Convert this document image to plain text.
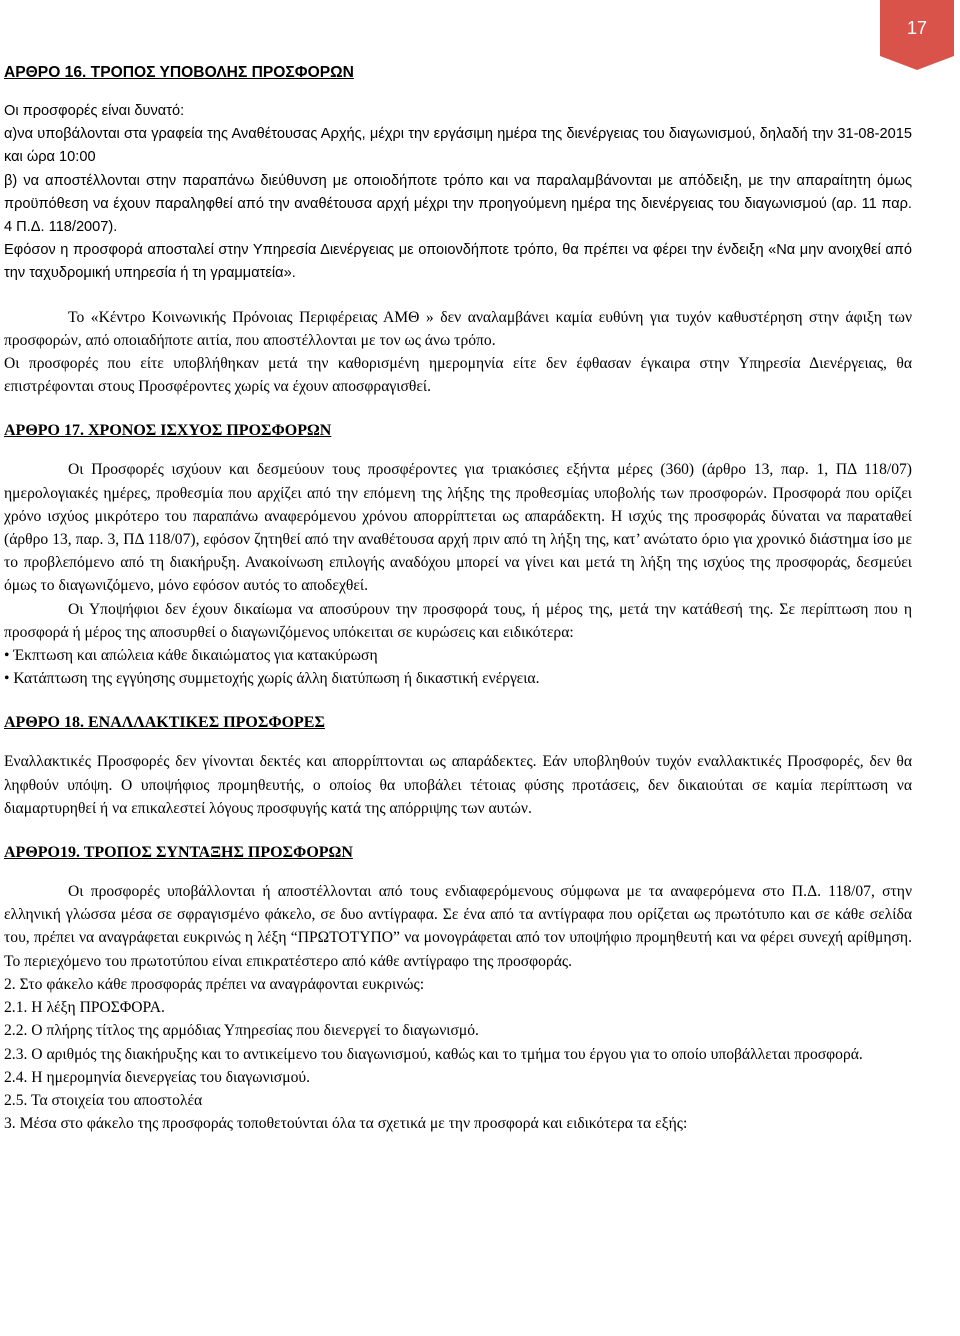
17
ΑΡΘΡΟ 16. ΤΡΟΠΟΣ ΥΠΟΒΟΛΗΣ ΠΡΟΣΦΟΡΩΝ

Οι προσφορές είναι δυνατό:

α)να υποβάλονται στα γραφεία της Αναθέτουσας Αρχής, μέχρι την εργάσιμη ημέρα της διενέργειας του διαγωνισμού, δηλαδή την 31-08-2015 και ώρα 10:00

β) να αποστέλλονται στην παραπάνω διεύθυνση με οποιοδήποτε τρόπο και να παραλαμβάνονται με απόδειξη, με την απαραίτητη όμως προϋπόθεση να έχουν παραληφθεί από την αναθέτουσα αρχή μέχρι την προηγούμενη ημέρα της διενέργειας του διαγωνισμού (αρ. 11 παρ. 4 Π.Δ. 118/2007).

Εφόσον η προσφορά αποσταλεί στην Υπηρεσία Διενέργειας με οποιονδήποτε τρόπο, θα πρέπει να φέρει την ένδειξη «Να μην ανοιχθεί από την ταχυδρομική υπηρεσία ή τη γραμματεία».

Το «Κέντρο Κοινωνικής Πρόνοιας Περιφέρειας ΑΜΘ » δεν αναλαμβάνει καμία ευθύνη για τυχόν καθυστέρηση στην άφιξη των προσφορών, από οποιαδήποτε αιτία, που αποστέλλονται με τον ως άνω τρόπο.

Οι προσφορές που είτε υποβλήθηκαν μετά την καθορισμένη ημερομηνία είτε δεν έφθασαν έγκαιρα στην Υπηρεσία Διενέργειας, θα επιστρέφονται στους Προσφέροντες χωρίς να έχουν αποσφραγισθεί.

ΑΡΘΡΟ 17. ΧΡΟΝΟΣ ΙΣΧΥΟΣ ΠΡΟΣΦΟΡΩΝ

Οι Προσφορές ισχύουν και δεσμεύουν τους προσφέροντες για τριακόσιες εξήντα μέρες (360) (άρθρο 13, παρ. 1, ΠΔ 118/07) ημερολογιακές ημέρες, προθεσμία που αρχίζει από την επόμενη της λήξης της προθεσμίας υποβολής των προσφορών. Προσφορά που ορίζει χρόνο ισχύος μικρότερο του παραπάνω αναφερόμενου χρόνου απορρίπτεται ως απαράδεκτη. Η ισχύς της προσφοράς δύναται να παραταθεί (άρθρο 13, παρ. 3, ΠΔ 118/07), εφόσον ζητηθεί από την αναθέτουσα αρχή πριν από τη λήξη της, κατ’ ανώτατο όριο για χρονικό διάστημα ίσο με το προβλεπόμενο από τη διακήρυξη. Ανακοίνωση επιλογής αναδόχου μπορεί να γίνει και μετά τη λήξη της ισχύος της προσφοράς, δεσμεύει όμως το διαγωνιζόμενο, μόνο εφόσον αυτός το αποδεχθεί.

Οι Υποψήφιοι δεν έχουν δικαίωμα να αποσύρουν την προσφορά τους, ή μέρος της, μετά την κατάθεσή της. Σε περίπτωση που η προσφορά ή μέρος της αποσυρθεί ο διαγωνιζόμενος υπόκειται σε κυρώσεις και ειδικότερα:

• Έκπτωση και απώλεια κάθε δικαιώματος για κατακύρωση

• Κατάπτωση της εγγύησης συμμετοχής χωρίς άλλη διατύπωση ή δικαστική ενέργεια.

ΑΡΘΡΟ 18. ΕΝΑΛΛΑΚΤΙΚΕΣ ΠΡΟΣΦΟΡΕΣ

Εναλλακτικές Προσφορές δεν γίνονται δεκτές και απορρίπτονται ως απαράδεκτες. Εάν υποβληθούν τυχόν εναλλακτικές Προσφορές, δεν θα ληφθούν υπόψη. Ο υποψήφιος προμηθευτής, ο οποίος θα υποβάλει τέτοιας φύσης προτάσεις, δεν δικαιούται σε καμία περίπτωση να διαμαρτυρηθεί ή να επικαλεστεί λόγους προσφυγής κατά της απόρριψης των αυτών.

ΑΡΘΡΟ19. ΤΡΟΠΟΣ ΣΥΝΤΑΞΗΣ ΠΡΟΣΦΟΡΩΝ

Οι προσφορές υποβάλλονται ή αποστέλλονται από τους ενδιαφερόμενους σύμφωνα με τα αναφερόμενα στο Π.Δ. 118/07, στην ελληνική γλώσσα μέσα σε σφραγισμένο φάκελο, σε δυο αντίγραφα. Σε ένα από τα αντίγραφα που ορίζεται ως πρωτότυπο και σε κάθε σελίδα του, πρέπει να αναγράφεται ευκρινώς η λέξη “ΠΡΩΤΟΤΥΠΟ” να μονογράφεται από τον υποψήφιο προμηθευτή και να φέρει συνεχή αρίθμηση. Το περιεχόμενο του πρωτοτύπου είναι επικρατέστερο από κάθε αντίγραφο της προσφοράς.

2. Στο φάκελο κάθε προσφοράς πρέπει να αναγράφονται ευκρινώς:

2.1. Η λέξη ΠΡΟΣΦΟΡΑ.

2.2. Ο πλήρης τίτλος της αρμόδιας Υπηρεσίας που διενεργεί το διαγωνισμό.

2.3. Ο αριθμός της διακήρυξης και το αντικείμενο του διαγωνισμού, καθώς και το τμήμα του έργου για το οποίο υποβάλλεται προσφορά.

2.4. Η ημερομηνία διενεργείας του διαγωνισμού.

2.5. Τα στοιχεία του αποστολέα

3. Μέσα στο φάκελο της προσφοράς τοποθετούνται όλα τα σχετικά με την προσφορά και ειδικότερα τα εξής:
